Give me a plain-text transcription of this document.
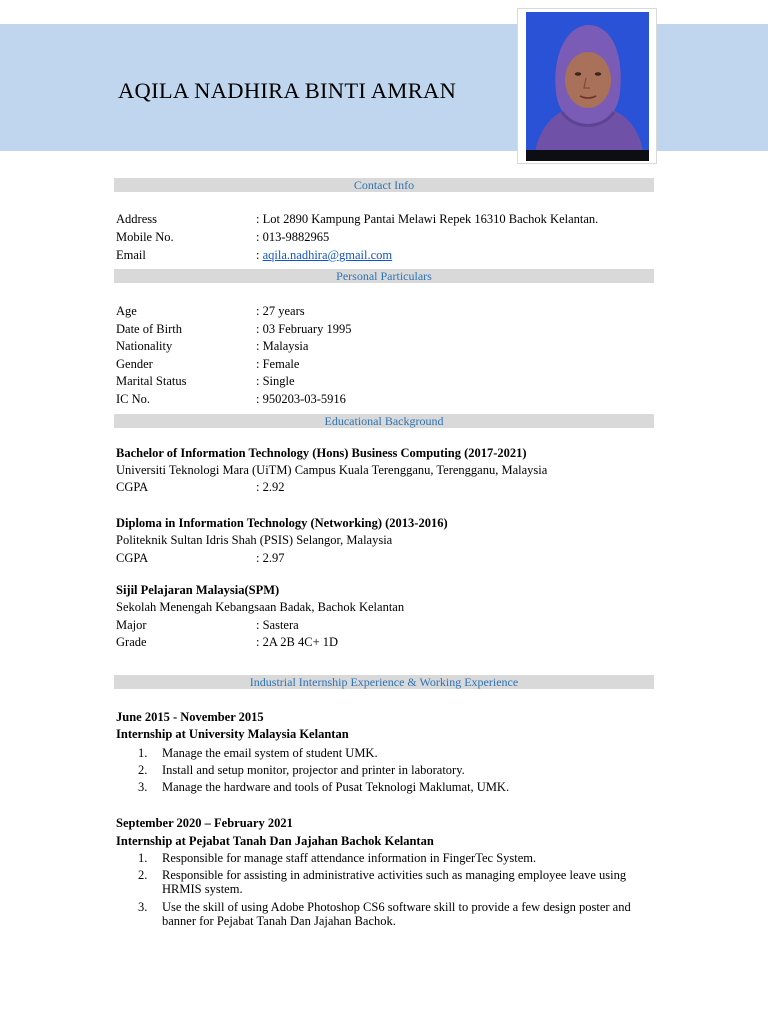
AQILA NADHIRA BINTI AMRAN
Contact Info
Address	: Lot 2890 Kampung Pantai Melawi Repek 16310 Bachok Kelantan.
Mobile No.	: 013-9882965
Email	: aqila.nadhira@gmail.com
Personal Particulars
Age	: 27 years
Date of Birth	: 03 February 1995
Nationality	: Malaysia
Gender	: Female
Marital Status	: Single
IC No.	: 950203-03-5916
Educational Background
Bachelor of Information Technology (Hons) Business Computing (2017-2021)
Universiti Teknologi Mara (UiTM) Campus Kuala Terengganu, Terengganu, Malaysia
CGPA	: 2.92
Diploma in Information Technology (Networking) (2013-2016)
Politeknik Sultan Idris Shah (PSIS) Selangor, Malaysia
CGPA	: 2.97
Sijil Pelajaran Malaysia(SPM)
Sekolah Menengah Kebangsaan Badak, Bachok Kelantan
Major	: Sastera
Grade	: 2A 2B 4C+ 1D
Industrial Internship Experience & Working Experience
June 2015 - November 2015
Internship at University Malaysia Kelantan
1. Manage the email system of student UMK.
2. Install and setup monitor, projector and printer in laboratory.
3. Manage the hardware and tools of Pusat Teknologi Maklumat, UMK.
September 2020 – February 2021
Internship at Pejabat Tanah Dan Jajahan Bachok Kelantan
1. Responsible for manage staff attendance information in FingerTec System.
2. Responsible for assisting in administrative activities such as managing employee leave using HRMIS system.
3. Use the skill of using Adobe Photoshop CS6 software skill to provide a few design poster and banner for Pejabat Tanah Dan Jajahan Bachok.
